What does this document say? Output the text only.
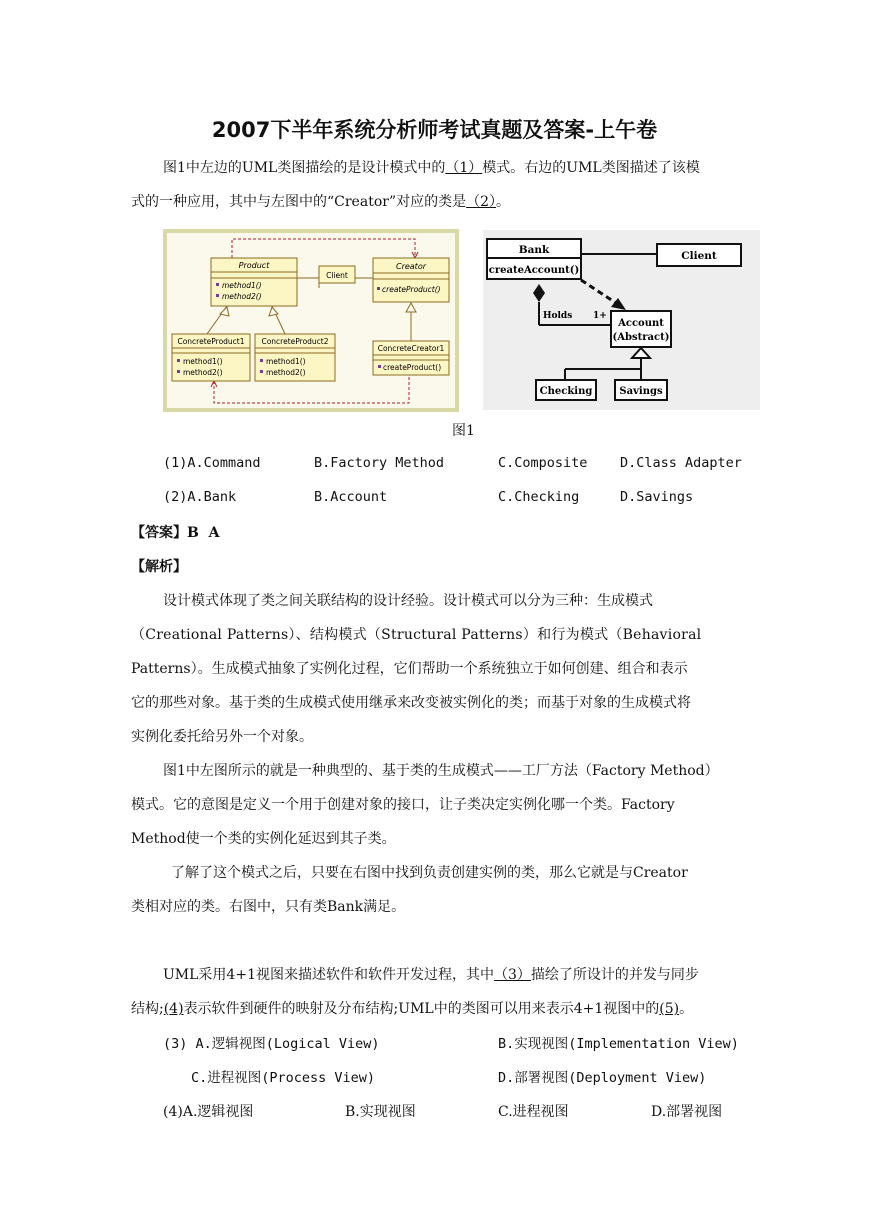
2007下半年系统分析师考试真题及答案-上午卷
图1中左边的UML类图描绘的是设计模式中的（1）模式。右边的UML类图描述了该模
式的一种应用，其中与左图中的“Creator”对应的类是（2）。
Product
method1()
method2()
Client
Creator
createProduct()
ConcreteProduct1
method1()
method2()
ConcreteProduct2
method1()
method2()
ConcreteCreator1
createProduct()
Bank
createAccount()
Client
Holds 1+
Account
(Abstract)
Checking	Savings
图1
(1)A.Command	B.Factory Method	C.Composite D.Class Adapter
(2)A.Bank	B.Account	C.Checking	D.Savings
【答案】B  A
【解析】
设计模式体现了类之间关联结构的设计经验。设计模式可以分为三种：生成模式
（Creational Patterns）、结构模式（Structural Patterns）和行为模式（Behavioral
Patterns）。生成模式抽象了实例化过程，它们帮助一个系统独立于如何创建、组合和表示
它的那些对象。基于类的生成模式使用继承来改变被实例化的类；而基于对象的生成模式将
实例化委托给另外一个对象。
图1中左图所示的就是一种典型的、基于类的生成模式——工厂方法（Factory Method）
模式。它的意图是定义一个用于创建对象的接口，让子类决定实例化哪一个类。Factory
Method使一个类的实例化延迟到其子类。
了解了这个模式之后，只要在右图中找到负责创建实例的类，那么它就是与Creator
类相对应的类。右图中，只有类Bank满足。
UML采用4+1视图来描述软件和软件开发过程，其中（3）描绘了所设计的并发与同步
结构;(4)表示软件到硬件的映射及分布结构;UML中的类图可以用来表示4+1视图中的(5)。
(3) A.逻辑视图(Logical View)	B.实现视图(Implementation View)
C.进程视图(Process View)	D.部署视图(Deployment View)
(4)A.逻辑视图	B.实现视图	C.进程视图	D.部署视图
